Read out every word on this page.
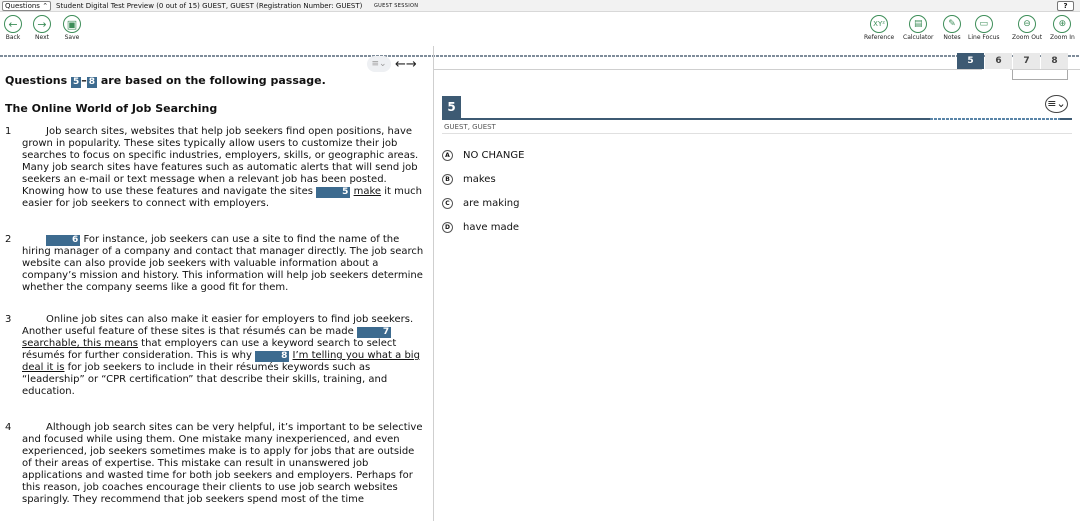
Questions ⌃	Student Digital Test Preview (0 out of 15) GUEST, GUEST (Registration Number: GUEST) GUEST SESSION	?
←
Back
→
Next
▣
Save
XY²
Reference
▤
Calculator
✎
Notes
▭
Line Focus
⊖
Zoom Out
⊕
Zoom In
≡⌄ ←→
Questions 5 – 8 are based on the following passage.
The Online World of Job Searching
1	Job search sites, websites that help job seekers find open positions, have grown in popularity. These sites typically allow users to customize their job searches to focus on specific industries, employers, skills, or geographic areas. Many job search sites have features such as automatic alerts that will send job seekers an e-mail or text message when a relevant job has been posted. Knowing how to use these features and navigate the sites	5 make it much easier for job seekers to connect with employers.
2	6 For instance, job seekers can use a site to find the name of the hiring manager of a company and contact that manager directly. The job search website can also provide job seekers with valuable information about a company’s mission and history. This information will help job seekers determine whether the company seems like a good fit for them.
3	Online job sites can also make it easier for employers to find job seekers. Another useful feature of these sites is that résumés can be made	7 searchable, this means that employers can use a keyword search to select résumés for further consideration. This is why	8 I’m telling you what a big deal it is for job seekers to include in their résumés keywords such as “leadership” or “CPR certification” that describe their skills, training, and education.
4	Although job search sites can be very helpful, it’s important to be selective and focused while using them. One mistake many inexperienced, and even experienced, job seekers sometimes make is to apply for jobs that are outside of their areas of expertise. This mistake can result in unanswered job applications and wasted time for both job seekers and employers. Perhaps for this reason, job coaches encourage their clients to use job search websites sparingly. They recommend that job seekers spend most of the time
5	6	7	8
5	≡⌄
GUEST, GUEST
A	NO CHANGE
B	makes
C	are making
D	have made
